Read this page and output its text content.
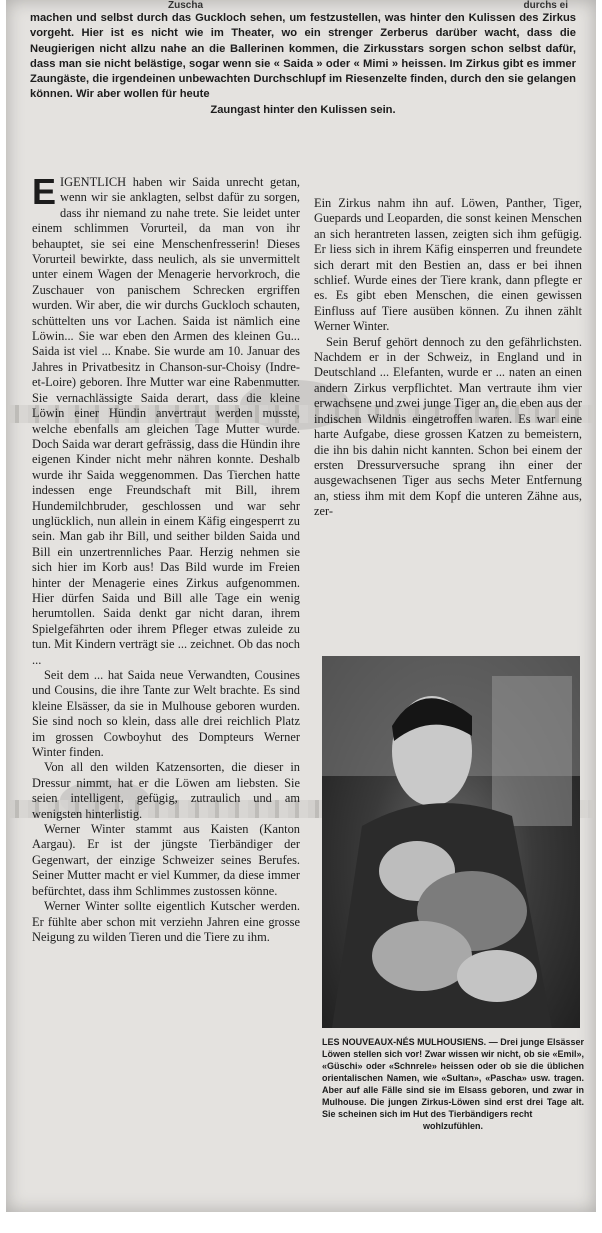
Zuscha	durchs ei
machen und selbst durch das Guckloch sehen, um festzustellen, was hinter den Kulissen des Zirkus vorgeht. Hier ist es nicht wie im Theater, wo ein strenger Zerberus darüber wacht, dass die Neugierigen nicht allzu nahe an die Ballerinen kommen, die Zirkusstars sorgen schon selbst dafür, dass man sie nicht belästige, sogar wenn sie « Saida » oder « Mimi » heissen. Im Zirkus gibt es immer Zaungäste, die irgendeinen unbewachten Durchschlupf im Riesenzelte finden, durch den sie gelangen können. Wir aber wollen für heute
Zaungast hinter den Kulissen sein.

EIGENTLICH haben wir Saida unrecht getan, wenn wir sie anklagten, selbst dafür zu sorgen, dass ihr niemand zu nahe trete. Sie leidet unter einem schlimmen Vorurteil, da man von ihr behauptet, sie sei eine Menschenfresserin! Dieses Vorurteil bewirkte, dass neulich, als sie unvermittelt unter einem Wagen der Menagerie hervorkroch, die Zuschauer von panischem Schrecken ergriffen wurden. Wir aber, die wir durchs Guckloch schauten, schüttelten uns vor Lachen. Saida ist nämlich eine Löwin... Sie war eben den Armen des kleinen Gu... Saida ist viel ... Knabe. Sie wurde am 10. Januar des Jahres in Privatbesitz in Chanson-sur-Choisy (Indre-et-Loire) geboren. Ihre Mutter war eine Rabenmutter. Sie vernachlässigte Saida derart, dass die kleine Löwin einer Hündin anvertraut werden musste, welche ebenfalls am gleichen Tage Mutter wurde. Doch Saida war derart gefrässig, dass die Hündin ihre eigenen Kinder nicht mehr nähren konnte. Deshalb wurde ihr Saida weggenommen. Das Tierchen hatte indessen enge Freundschaft mit Bill, ihrem Hundemilchbruder, geschlossen und war sehr unglücklich, nun allein in einem Käfig eingesperrt zu sein. Man gab ihr Bill, und seither bilden Saida und Bill ein unzertrennliches Paar. Herzig nehmen sie sich hier im Korb aus! Das Bild wurde im Freien hinter der Menagerie eines Zirkus aufgenommen. Hier dürfen Saida und Bill alle Tage ein wenig herumtollen. Saida denkt gar nicht daran, ihrem Spielgefährten oder ihrem Pfleger etwas zuleide zu tun. Mit Kindern verträgt sie ... zeichnet. Ob das noch ...

Seit dem ... hat Saida neue Verwandten, Cousines und Cousins, die ihre Tante zur Welt brachte. Es sind kleine Elsässer, da sie in Mulhouse geboren wurden. Sie sind noch so klein, dass alle drei reichlich Platz im grossen Cowboyhut des Dompteurs Werner Winter finden.

Von all den wilden Katzensorten, die dieser in Dressur nimmt, hat er die Löwen am liebsten. Sie seien intelligent, gefügig, zutraulich und am wenigsten hinterlistig.

Werner Winter stammt aus Kaisten (Kanton Aargau). Er ist der jüngste Tierbändiger der Gegenwart, der einzige Schweizer seines Berufes. Seiner Mutter macht er viel Kummer, da diese immer befürchtet, dass ihm Schlimmes zustossen könne.

Werner Winter sollte eigentlich Kutscher werden. Er fühlte aber schon mit verziehn Jahren eine grosse Neigung zu wilden Tieren und die Tiere zu ihm.

Ein Zirkus nahm ihn auf. Löwen, Panther, Tiger, Guepards und Leoparden, die sonst keinen Menschen an sich herantreten lassen, zeigten sich ihm gefügig. Er liess sich in ihrem Käfig einsperren und freundete sich derart mit den Bestien an, dass er bei ihnen schlief. Wurde eines der Tiere krank, dann pflegte er es. Es gibt eben Menschen, die einen gewissen Einfluss auf Tiere ausüben können. Zu ihnen zählt Werner Winter.

Sein Beruf gehört dennoch zu den gefährlichsten. Nachdem er in der Schweiz, in England und in Deutschland ... Elefanten, wurde er ... naten an einen andern Zirkus verpflichtet. Man vertraute ihm vier erwachsene und zwei junge Tiger an, die eben aus der indischen Wildnis eingetroffen waren. Es war eine harte Aufgabe, diese grossen Katzen zu bemeistern, die ihn bis dahin nicht kannten. Schon bei einem der ersten Dressurversuche sprang ihn einer der ausgewachsenen Tiger aus sechs Meter Entfernung an, stiess ihm mit dem Kopf die unteren Zähne aus, zer-

LES NOUVEAUX-NÉS MULHOUSIENS. — Drei junge Elsässer Löwen stellen sich vor! Zwar wissen wir nicht, ob sie «Emil», «Güschi» oder «Schnrele» heissen oder ob sie die üblichen orientalischen Namen, wie «Sultan», «Pascha» usw. tragen. Aber auf alle Fälle sind sie im Elsass geboren, und zwar in Mulhouse. Die jungen Zirkus-Löwen sind erst drei Tage alt. Sie scheinen sich im Hut des Tierbändigers recht
wohlzufühlen.
